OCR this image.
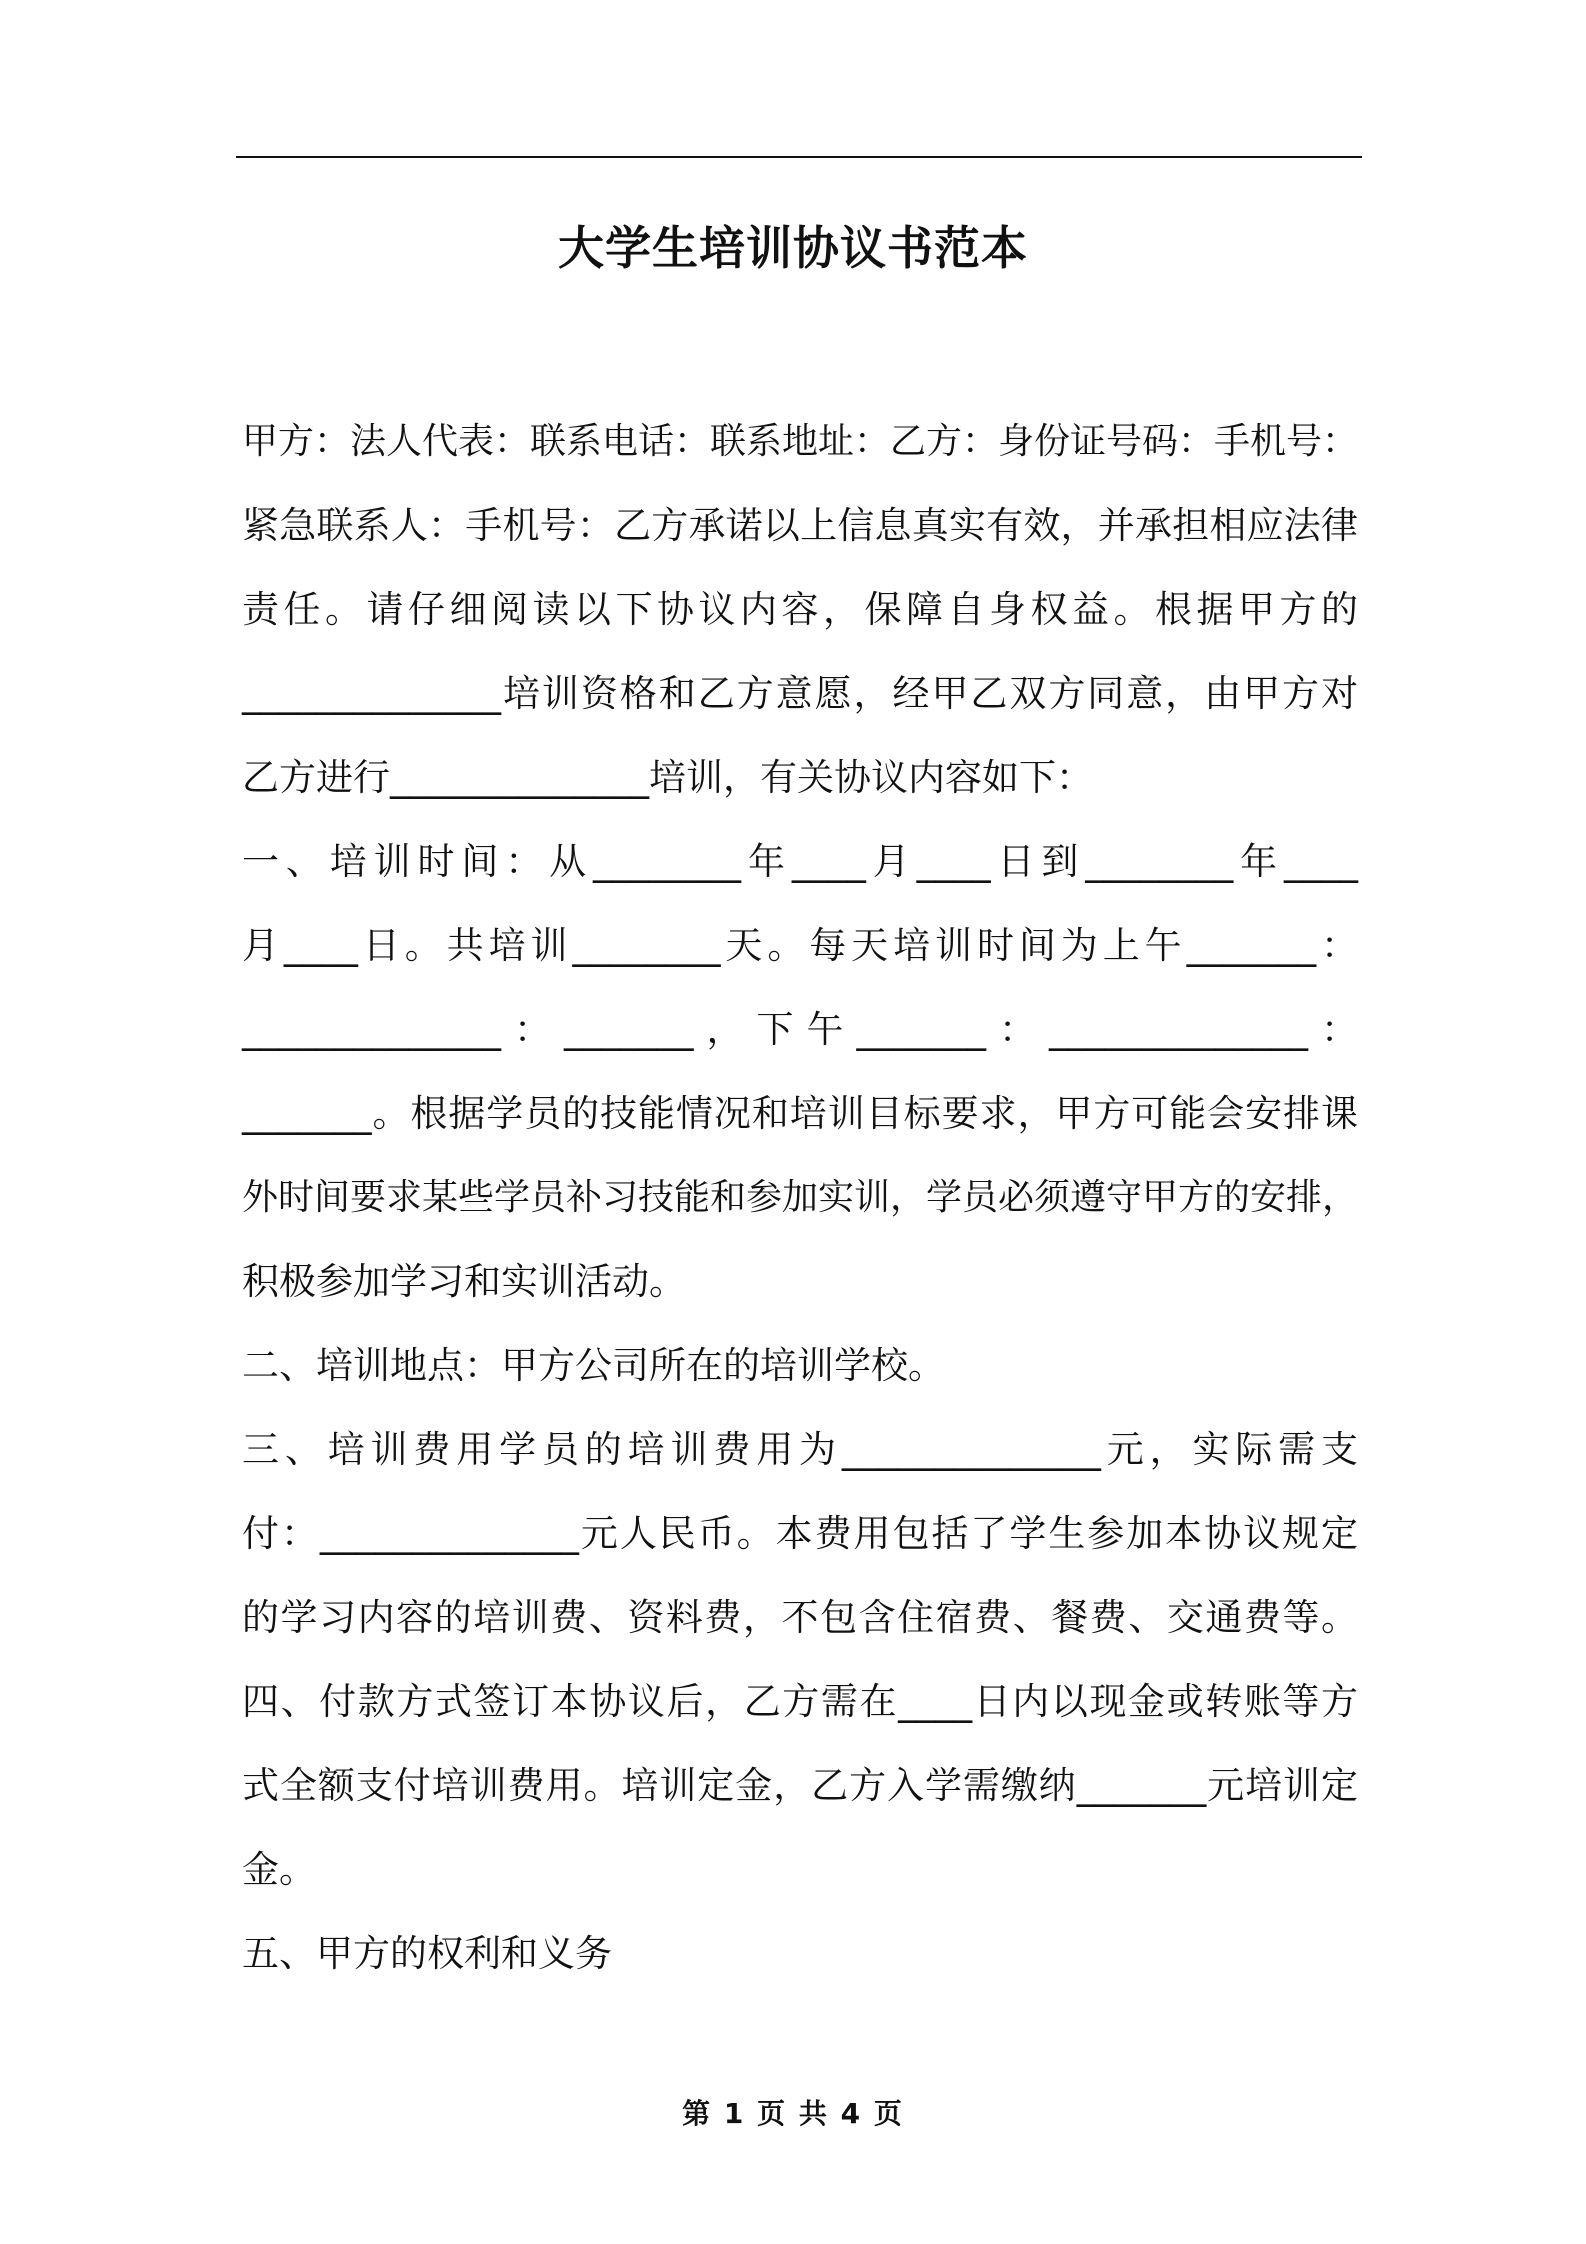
大学生培训协议书范本
甲方：法人代表：联系电话：联系地址：乙方：身份证号码：手机号：
紧急联系人：手机号：乙方承诺以上信息真实有效，并承担相应法律
责任。请仔细阅读以下协议内容，保障自身权益。根据甲方的
______________培训资格和乙方意愿，经甲乙双方同意，由甲方对
乙方进行______________培训，有关协议内容如下：
一、培训时间：从________年____月____日到________年____
月____日。共培训________天。每天培训时间为上午_______：
______________：_______，下午_______：______________：
_______。根据学员的技能情况和培训目标要求，甲方可能会安排课
外时间要求某些学员补习技能和参加实训，学员必须遵守甲方的安排，
积极参加学习和实训活动。
二、培训地点：甲方公司所在的培训学校。
三、培训费用学员的培训费用为______________元，实际需支
付：______________元人民币。本费用包括了学生参加本协议规定
的学习内容的培训费、资料费，不包含住宿费、餐费、交通费等。
四、付款方式签订本协议后，乙方需在____日内以现金或转账等方
式全额支付培训费用。培训定金，乙方入学需缴纳_______元培训定
金。
五、甲方的权利和义务
第 1 页 共 4 页
